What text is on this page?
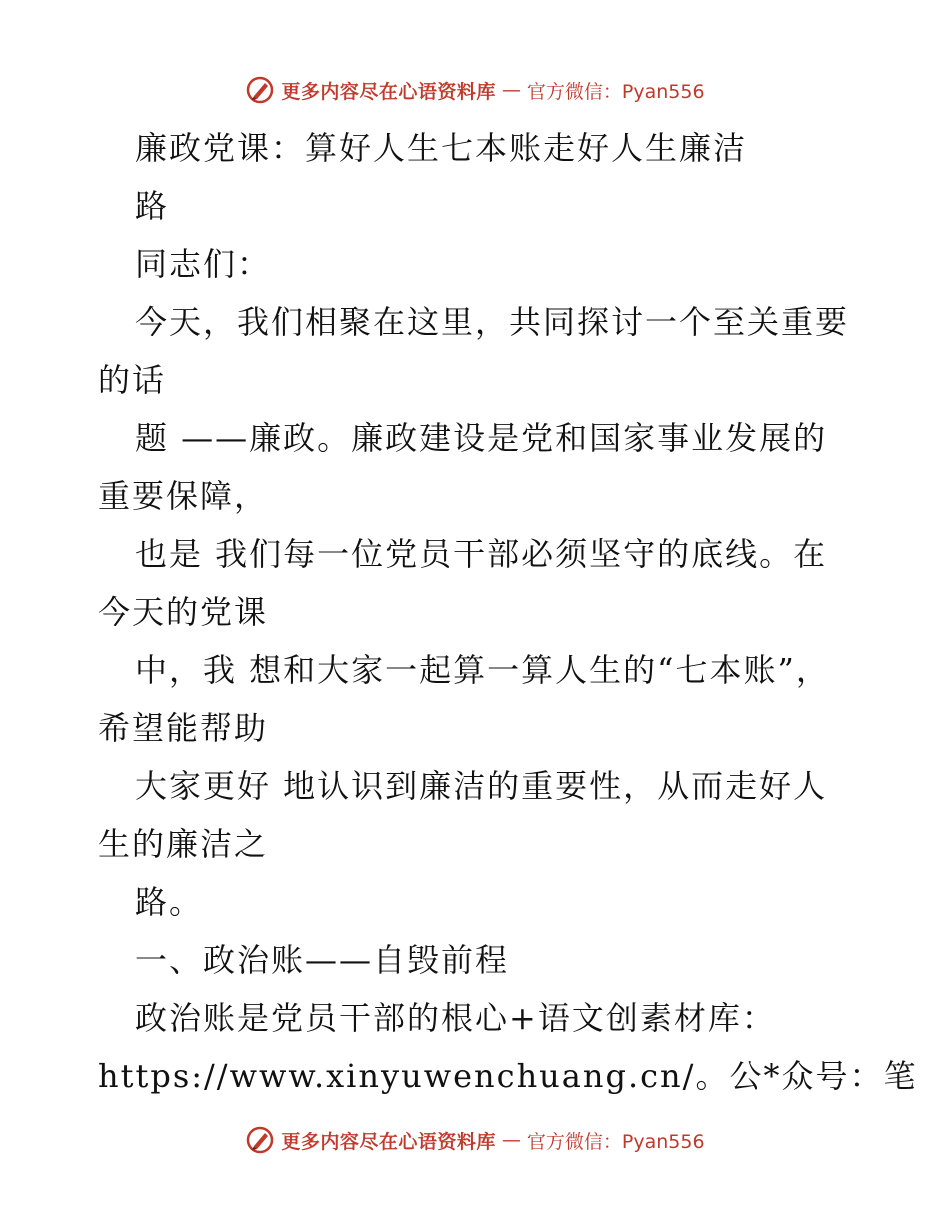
更多内容尽在心语资料库 — 官方微信：Pyan556
廉政党课：算好人生七本账走好人生廉洁
路
同志们：
今天，我们相聚在这里，共同探讨一个至关重要
的话
题 ——廉政。廉政建设是党和国家事业发展的
重要保障，
也是 我们每一位党员干部必须坚守的底线。在
今天的党课
中，我 想和大家一起算一算人生的“七本账”，
希望能帮助
大家更好 地认识到廉洁的重要性，从而走好人
生的廉洁之
路。
一、政治账——自毁前程
政治账是党员干部的根心+语文创素材库：
https://www.xinyuwenchuang.cn/。公*众号：笔
更多内容尽在心语资料库 — 官方微信：Pyan556
